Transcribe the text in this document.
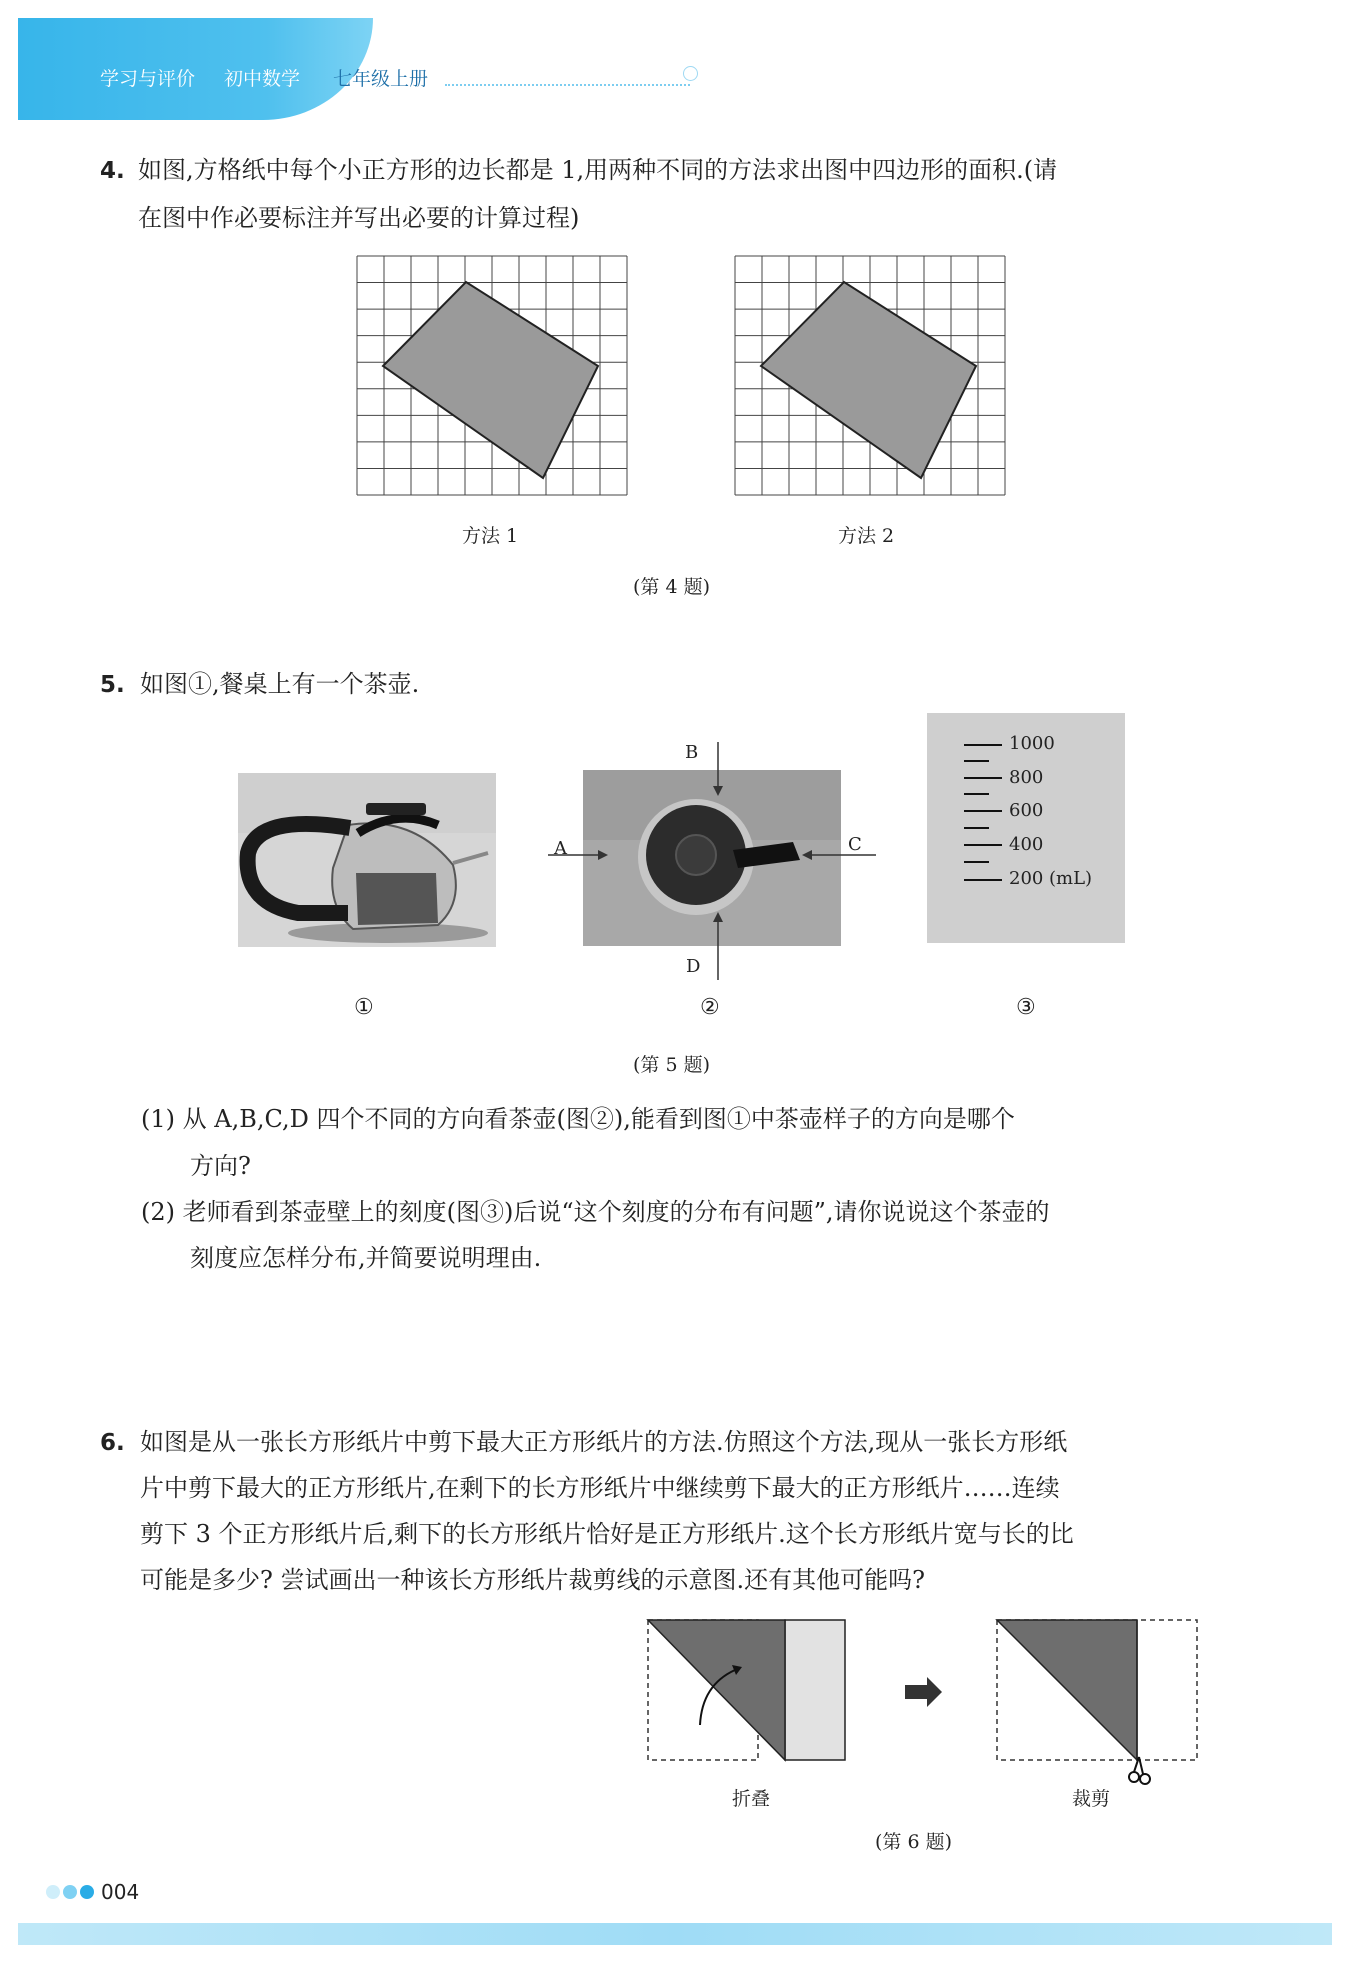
学习与评价 初中数学 七年级上册
4. 如图,方格纸中每个小正方形的边长都是 1,用两种不同的方法求出图中四边形的面积.(请
在图中作必要标注并写出必要的计算过程)
方法 1	方法 2
(第 4 题)
5. 如图①,餐桌上有一个茶壶.
B
A	C
D
1000
800
600
400
200 (mL)
①	②	③
(第 5 题)
(1) 从 A,B,C,D 四个不同的方向看茶壶(图②),能看到图①中茶壶样子的方向是哪个
方向?
(2) 老师看到茶壶壁上的刻度(图③)后说“这个刻度的分布有问题”,请你说说这个茶壶的
刻度应怎样分布,并简要说明理由.
6. 如图是从一张长方形纸片中剪下最大正方形纸片的方法.仿照这个方法,现从一张长方形纸
片中剪下最大的正方形纸片,在剩下的长方形纸片中继续剪下最大的正方形纸片……连续
剪下 3 个正方形纸片后,剩下的长方形纸片恰好是正方形纸片.这个长方形纸片宽与长的比
可能是多少? 尝试画出一种该长方形纸片裁剪线的示意图.还有其他可能吗?
折叠	裁剪
(第 6 题)
004
